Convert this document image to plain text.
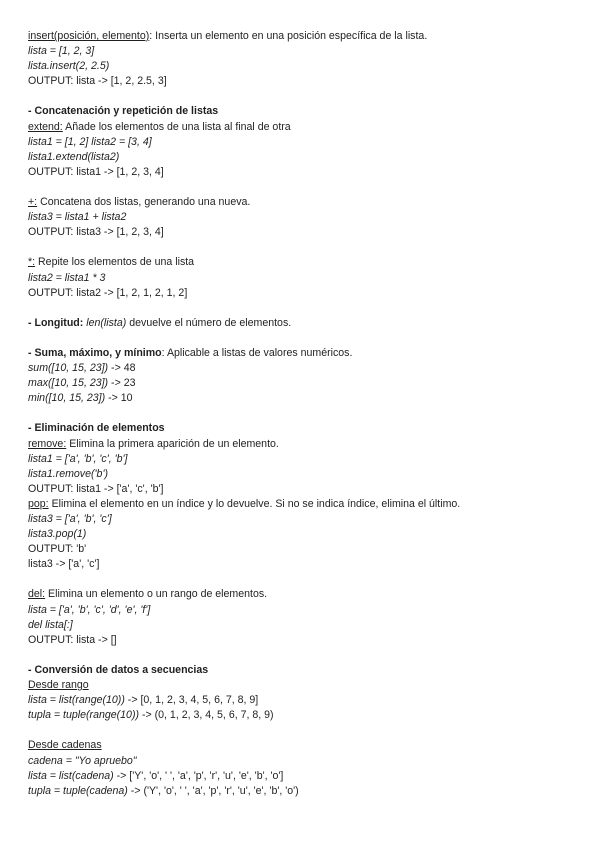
insert(posición, elemento): Inserta un elemento en una posición específica de la lista.
lista = [1, 2, 3]
lista.insert(2, 2.5)
OUTPUT: lista -> [1, 2, 2.5, 3]
- Concatenación y repetición de listas
extend: Añade los elementos de una lista al final de otra
lista1 = [1, 2] lista2 = [3, 4]
lista1.extend(lista2)
OUTPUT: lista1 -> [1, 2, 3, 4]
+: Concatena dos listas, generando una nueva.
lista3 = lista1 + lista2
OUTPUT: lista3 -> [1, 2, 3, 4]
*: Repite los elementos de una lista
lista2 = lista1 * 3
OUTPUT: lista2 -> [1, 2, 1, 2, 1, 2]
- Longitud: len(lista) devuelve el número de elementos.
- Suma, máximo, y mínimo: Aplicable a listas de valores numéricos.
sum([10, 15, 23]) -> 48
max([10, 15, 23]) -> 23
min([10, 15, 23]) -> 10
- Eliminación de elementos
remove: Elimina la primera aparición de un elemento.
lista1 = ['a', 'b', 'c', 'b']
lista1.remove('b')
OUTPUT: lista1 -> ['a', 'c', 'b']
pop: Elimina el elemento en un índice y lo devuelve. Si no se indica índice, elimina el último.
lista3 = ['a', 'b', 'c']
lista3.pop(1)
OUTPUT: 'b'
lista3 -> ['a', 'c']
del: Elimina un elemento o un rango de elementos.
lista = ['a', 'b', 'c', 'd', 'e', 'f']
del lista[:]
OUTPUT: lista -> []
- Conversión de datos a secuencias
Desde rango
lista = list(range(10)) -> [0, 1, 2, 3, 4, 5, 6, 7, 8, 9]
tupla = tuple(range(10)) -> (0, 1, 2, 3, 4, 5, 6, 7, 8, 9)
Desde cadenas
cadena = "Yo apruebo"
lista = list(cadena) -> ['Y', 'o', ' ', 'a', 'p', 'r', 'u', 'e', 'b', 'o']
tupla = tuple(cadena) -> ('Y', 'o', ' ', 'a', 'p', 'r', 'u', 'e', 'b', 'o')
